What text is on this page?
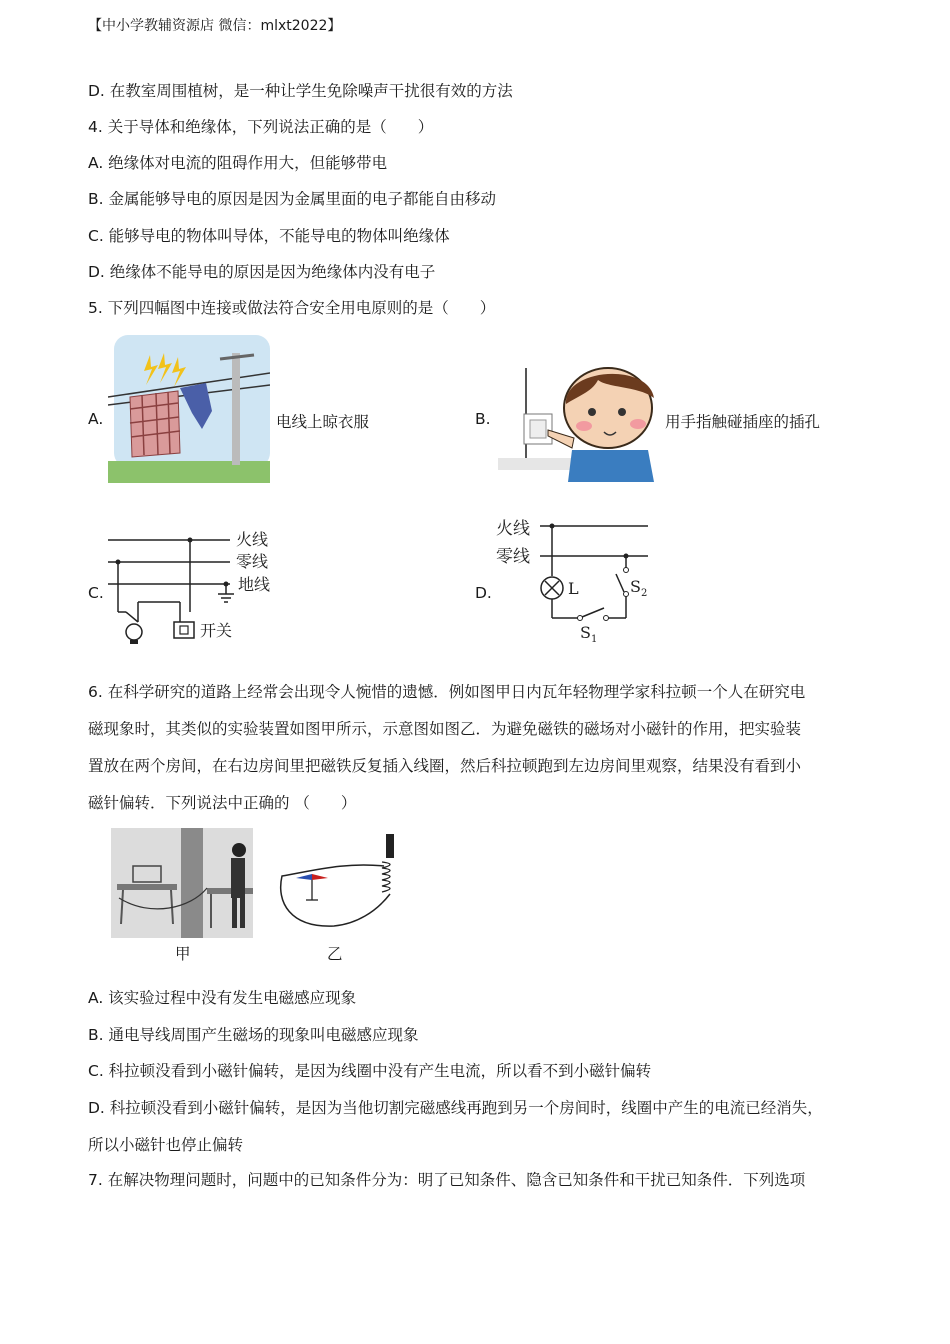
【中小学教辅资源店 微信：mlxt2022】
D. 在教室周围植树，是一种让学生免除噪声干扰很有效的方法
4. 关于导体和绝缘体，下列说法正确的是（　　）
A. 绝缘体对电流的阻碍作用大，但能够带电
B. 金属能够导电的原因是因为金属里面的电子都能自由移动
C. 能够导电的物体叫导体，不能导电的物体叫绝缘体
D. 绝缘体不能导电的原因是因为绝缘体内没有电子
5. 下列四幅图中连接或做法符合安全用电原则的是（　　）
A.	电线上晾衣服	B.	用手指触碰插座的插孔
C.
火线
零线
地线
开关
D.
火线
零线
L	$S_2$
$S_1$
6. 在科学研究的道路上经常会出现令人惋惜的遗憾．例如图甲日内瓦年轻物理学家科拉顿一个人在研究电
磁现象时，其类似的实验装置如图甲所示，示意图如图乙．为避免磁铁的磁场对小磁针的作用，把实验装
置放在两个房间，在右边房间里把磁铁反复插入线圈，然后科拉顿跑到左边房间里观察，结果没有看到小
磁针偏转．下列说法中正确的 （　　）
甲	乙
A. 该实验过程中没有发生电磁感应现象
B. 通电导线周围产生磁场的现象叫电磁感应现象
C. 科拉顿没看到小磁针偏转，是因为线圈中没有产生电流，所以看不到小磁针偏转
D. 科拉顿没看到小磁针偏转，是因为当他切割完磁感线再跑到另一个房间时，线圈中产生的电流已经消失，
所以小磁针也停止偏转
7. 在解决物理问题时，问题中的已知条件分为：明了已知条件、隐含已知条件和干扰已知条件．下列选项
